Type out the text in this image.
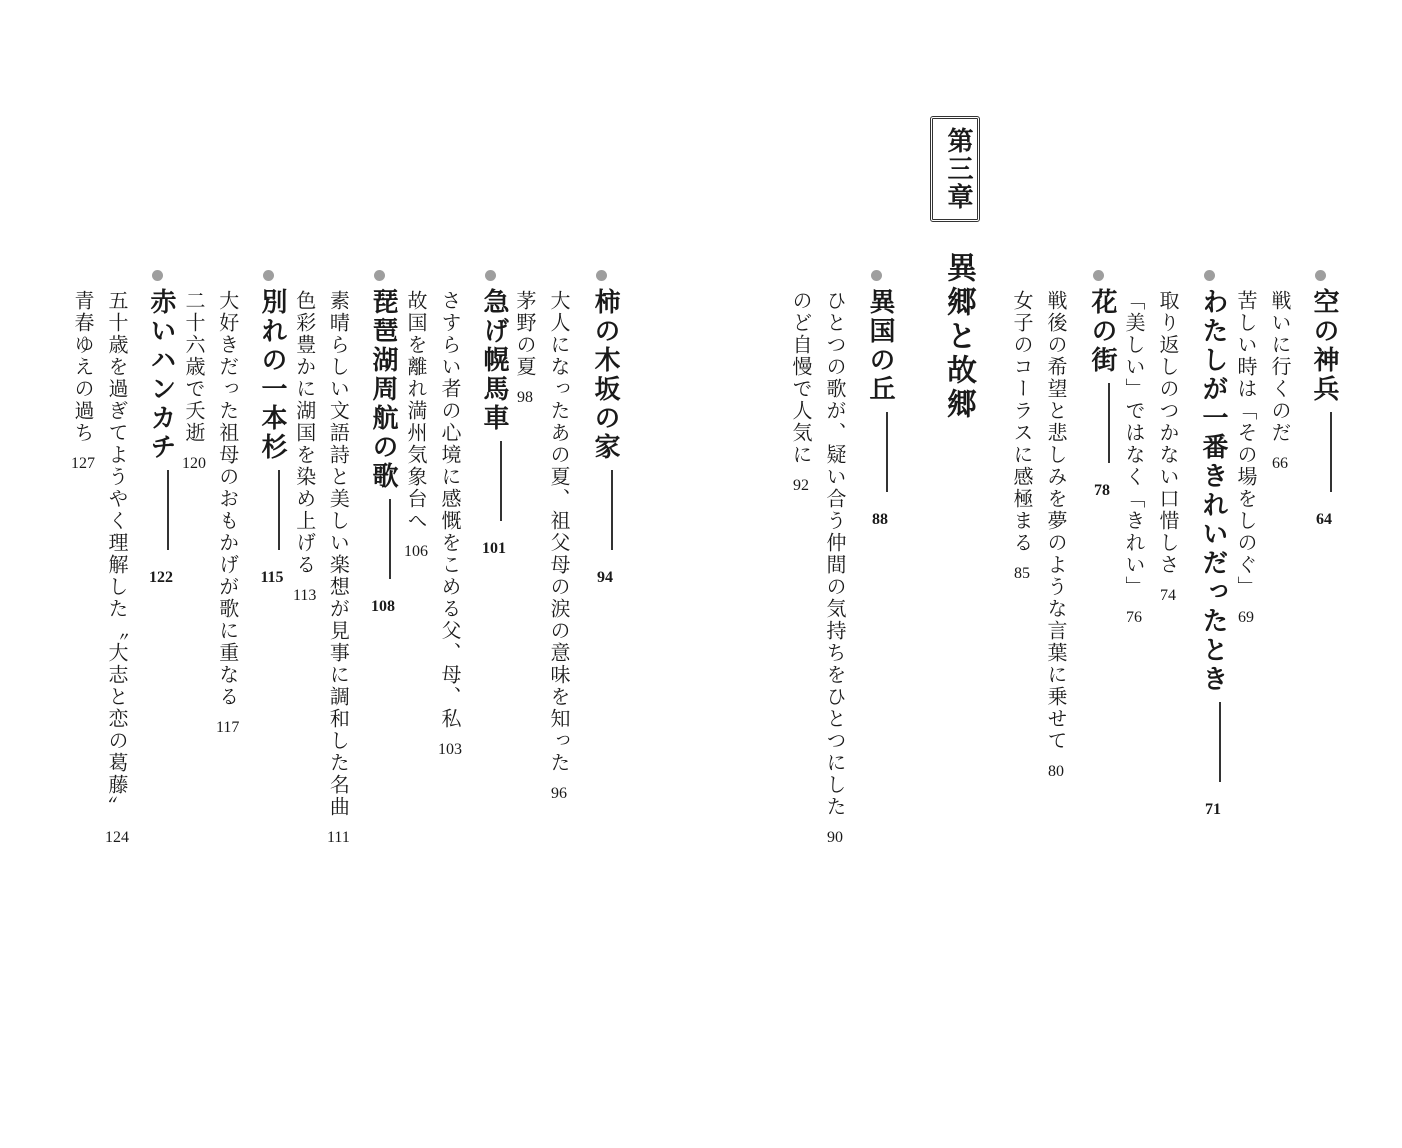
第三章
異郷と故郷	空の神兵64
戦いに行くのだ66
苦しい時は「その場をしのぐ」69
わたしが一番きれいだったとき71
取り返しのつかない口惜しさ74
「美しい」ではなく「きれい」76
花の街78
戦後の希望と悲しみを夢のような言葉に乗せて80
女子のコーラスに感極まる85
異国の丘88
ひとつの歌が、疑い合う仲間の気持ちをひとつにした90
のど自慢で人気に92
柿の木坂の家94
大人になったあの夏、祖父母の涙の意味を知った96
茅野の夏98
急げ幌馬車101
さすらい者の心境に感慨をこめる父、母、私103
故国を離れ満州気象台へ106
琵琶湖周航の歌108
素晴らしい文語詩と美しい楽想が見事に調和した名曲111
色彩豊かに湖国を染め上げる113
別れの一本杉115
大好きだった祖母のおもかげが歌に重なる117
二十六歳で夭逝120
赤いハンカチ122
五十歳を過ぎてようやく理解した〝大志と恋の葛藤〟124
青春ゆえの過ち127
